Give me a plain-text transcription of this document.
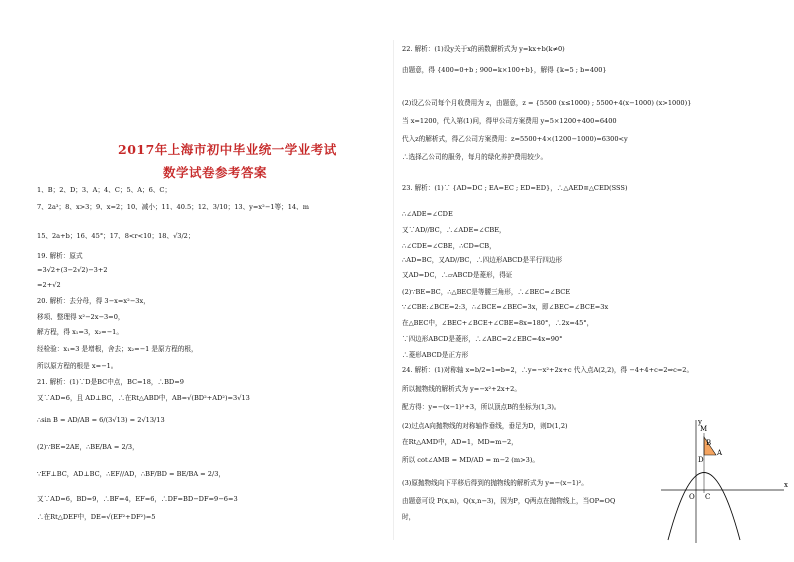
2017年上海市初中毕业统一学业考试
数学试卷参考答案
1、B；2、D；3、A；4、C；5、A；6、C；
7、2a³；8、x>3；9、x=2；10、减小；11、40.5；12、3/10；13、y=x²−1等；14、m
15、2a+b；16、45°；17、8<r<10；18、√3/2；
19. 解析：原式
=3√2+(3−2√2)−3+2
=2+√2
20. 解析：去分母，得 3−x=x²−3x，
移项、整理得 x²−2x−3=0，
解方程，得 x₁=3，x₂=−1。
经检验：x₁=3 是增根，舍去；x₂=−1 是原方程的根，
所以原方程的根是 x=−1。
21. 解析：(1)∵D是BC中点，BC=18，∴BD=9
又∵AD=6，且 AD⊥BC，∴在Rt△ABD中，AB=√(BD²+AD²)=3√13
∴sin B = AD/AB = 6/(3√13) = 2√13/13
(2)∵BE=2AE，∴BE/BA = 2/3，
∵EF⊥BC，AD⊥BC，∴EF//AD，∴BF/BD = BE/BA = 2/3，
又∵AD=6，BD=9，∴BF=4，EF=6，∴DF=BD−DF=9−6=3
∴在Rt△DEF中，DE=√(EF²+DF²)=5
22. 解析：(1)设y关于x的函数解析式为 y=kx+b(k≠0)
由题意，得 {400=0+b ; 900=k×100+b}，解得 {k=5 ; b=400}
(2)设乙公司每个月收费用为 z，由题意，z = {5500 (x≤1000) ; 5500+4(x−1000) (x>1000)}
当 x=1200，代入第(1)问，得甲公司方案费用 y=5×1200+400=6400
代入z的解析式，得乙公司方案费用：z=5500+4×(1200−1000)=6300<y
∴选择乙公司的服务，每月的绿化养护费用较少。
23. 解析：(1)∵ {AD=DC ; EA=EC ; ED=ED}，∴△AED≅△CED(SSS)
∴∠ADE=∠CDE
又∵AD//BC，∴∠ADE=∠CBE，
∴∠CDE=∠CBE，∴CD=CB，
∴AD=BC，又AD//BC，∴四边形ABCD是平行四边形
又AD=DC，∴▱ABCD是菱形，得证
(2)∵BE=BC，∴△BEC是等腰三角形，∴∠BEC=∠BCE
∵∠CBE:∠BCE=2:3，∴∠BCE=∠BEC=3x，即∠BEC=∠BCE=3x
在△BEC中，∠BEC+∠BCE+∠CBE=8x=180°，∴2x=45°，
∵四边形ABCD是菱形，∴∠ABC=2∠EBC=4x=90°
∴菱形ABCD是正方形
24. 解析：(1)对称轴 x=b/2=1⇒b=2，∴y=−x²+2x+c 代入点A(2,2)，得 −4+4+c=2⇒c=2。
所以抛物线的解析式为 y=−x²+2x+2。
配方得：y=−(x−1)²+3，所以顶点B的坐标为(1,3)。
(2)过点A向抛物线的对称轴作垂线，垂足为D，则D(1,2)
在Rt△AMD中，AD=1，MD=m−2，
所以 cot∠AMB = MD/AD = m−2 (m>3)。
(3)原抛物线向下平移后得到的抛物线的解析式为 y=−(x−1)²。
由题意可设 P(x,n)，Q(x,n−3)，因为P，Q两点在抛物线上，当OP=OQ
时，
M
B
A
D
O C
x
y
